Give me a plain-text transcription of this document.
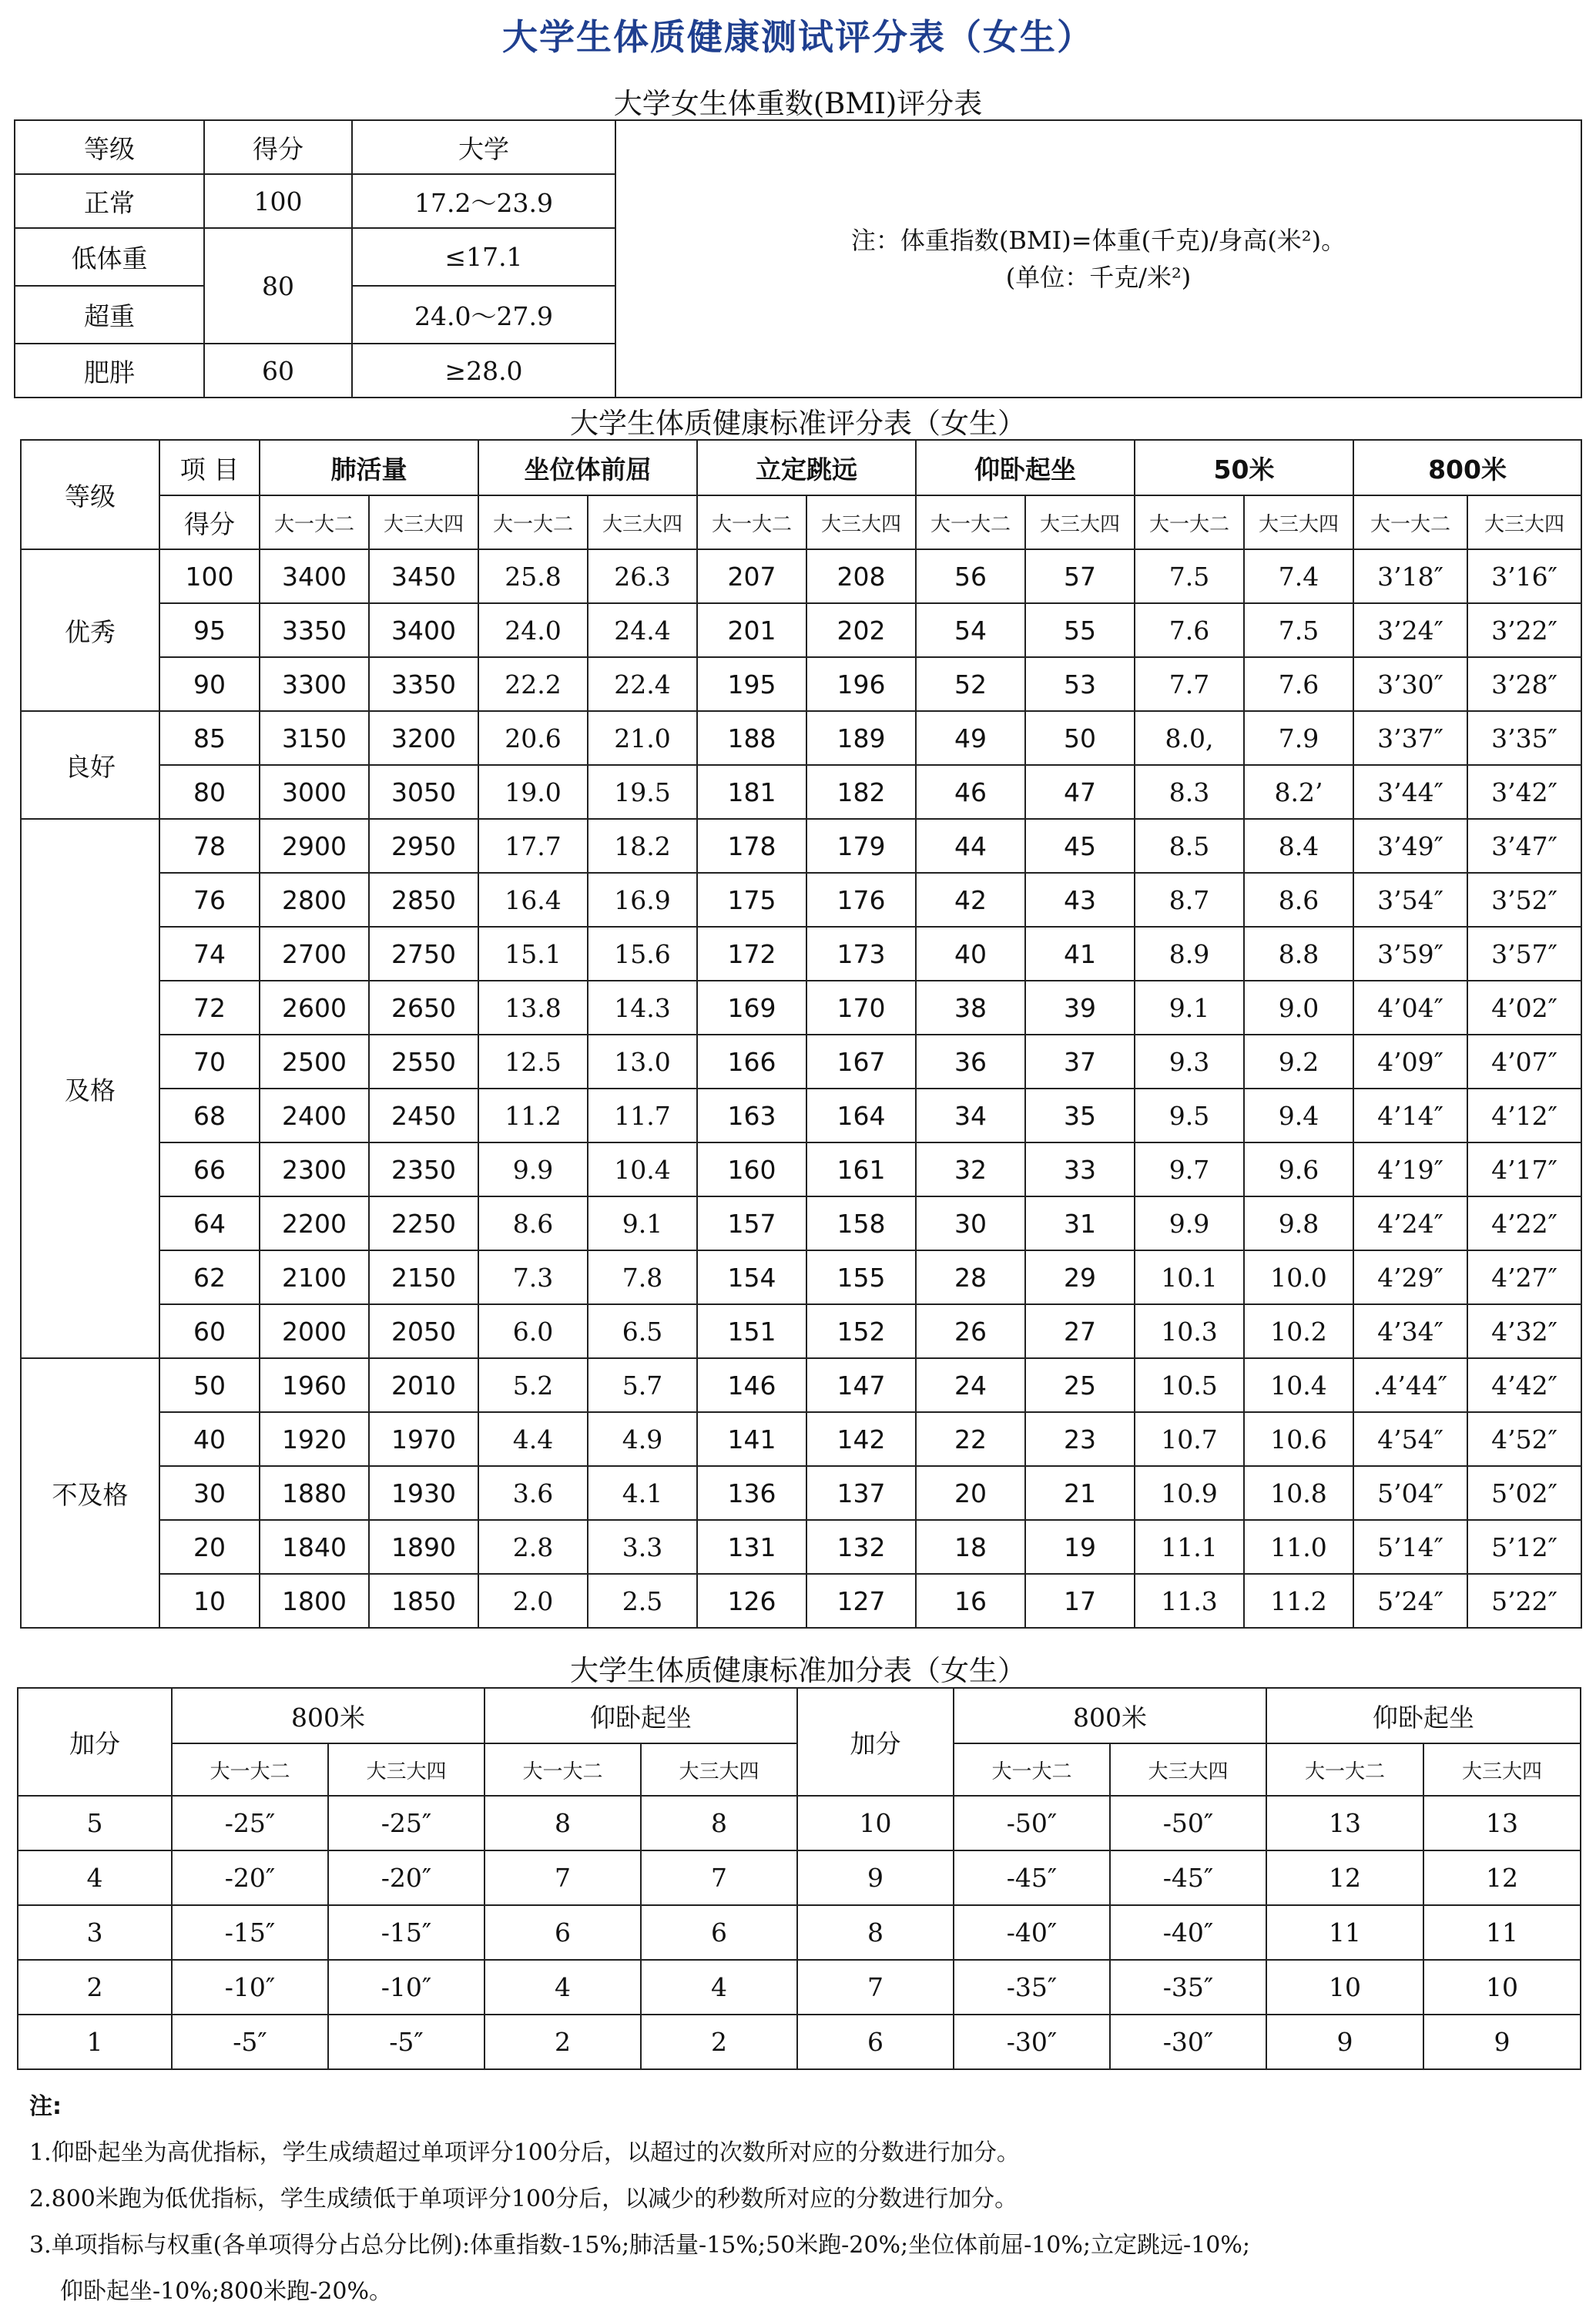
大学生体质健康测试评分表（女生）
大学女生体重数(BMI)评分表
等级	得分	大学	注：体重指数(BMI)=体重(千克)/身高(米²)。
(单位：千克/米²)

正常	100	17.2～23.9	
低体重	80	≤17.1	
超重		24.0～27.9	
肥胖	60	≥28.0	
大学生体质健康标准评分表（女生）
等级	项 目	肺活量		坐位体前屈		立定跳远		仰卧起坐		50米		800米	
	得分	大一大二	大三大四	大一大二	大三大四	大一大二	大三大四	大一大二	大三大四	大一大二	大三大四	大一大二	大三大四
优秀	100	3400	3450	25.8	26.3	207	208	56	57	7.5	7.4	3’18″	3’16″
	95	3350	3400	24.0	24.4	201	202	54	55	7.6	7.5	3’24″	3’22″
	90	3300	3350	22.2	22.4	195	196	52	53	7.7	7.6	3’30″	3’28″
良好	85	3150	3200	20.6	21.0	188	189	49	50	8.0,	7.9	3’37″	3’35″
	80	3000	3050	19.0	19.5	181	182	46	47	8.3	8.2’	3’44″	3’42″
及格	78	2900	2950	17.7	18.2	178	179	44	45	8.5	8.4	3’49″	3’47″
	76	2800	2850	16.4	16.9	175	176	42	43	8.7	8.6	3’54″	3’52″
	74	2700	2750	15.1	15.6	172	173	40	41	8.9	8.8	3’59″	3’57″
	72	2600	2650	13.8	14.3	169	170	38	39	9.1	9.0	4’04″	4’02″
	70	2500	2550	12.5	13.0	166	167	36	37	9.3	9.2	4’09″	4’07″
	68	2400	2450	11.2	11.7	163	164	34	35	9.5	9.4	4’14″	4’12″
	66	2300	2350	9.9	10.4	160	161	32	33	9.7	9.6	4’19″	4’17″
	64	2200	2250	8.6	9.1	157	158	30	31	9.9	9.8	4’24″	4’22″
	62	2100	2150	7.3	7.8	154	155	28	29	10.1	10.0	4’29″	4’27″
	60	2000	2050	6.0	6.5	151	152	26	27	10.3	10.2	4’34″	4’32″
不及格	50	1960	2010	5.2	5.7	146	147	24	25	10.5	10.4	.4’44″	4’42″
	40	1920	1970	4.4	4.9	141	142	22	23	10.7	10.6	4’54″	4’52″
	30	1880	1930	3.6	4.1	136	137	20	21	10.9	10.8	5’04″	5’02″
	20	1840	1890	2.8	3.3	131	132	18	19	11.1	11.0	5’14″	5’12″
	10	1800	1850	2.0	2.5	126	127	16	17	11.3	11.2	5’24″	5’22″
大学生体质健康标准加分表（女生）
加分	800米		仰卧起坐		加分	800米		仰卧起坐	
	大一大二	大三大四	大一大二	大三大四		大一大二	大三大四	大一大二	大三大四
5	-25″	-25″	8	8	10	-50″	-50″	13	13
4	-20″	-20″	7	7	9	-45″	-45″	12	12
3	-15″	-15″	6	6	8	-40″	-40″	11	11
2	-10″	-10″	4	4	7	-35″	-35″	10	10
1	-5″	-5″	2	2	6	-30″	-30″	9	9
注:
1.仰卧起坐为高优指标，学生成绩超过单项评分100分后，以超过的次数所对应的分数进行加分。
2.800米跑为低优指标，学生成绩低于单项评分100分后，以减少的秒数所对应的分数进行加分。
3.单项指标与权重(各单项得分占总分比例):体重指数-15%;肺活量-15%;50米跑-20%;坐位体前屈-10%;立定跳远-10%;
仰卧起坐-10%;800米跑-20%。
